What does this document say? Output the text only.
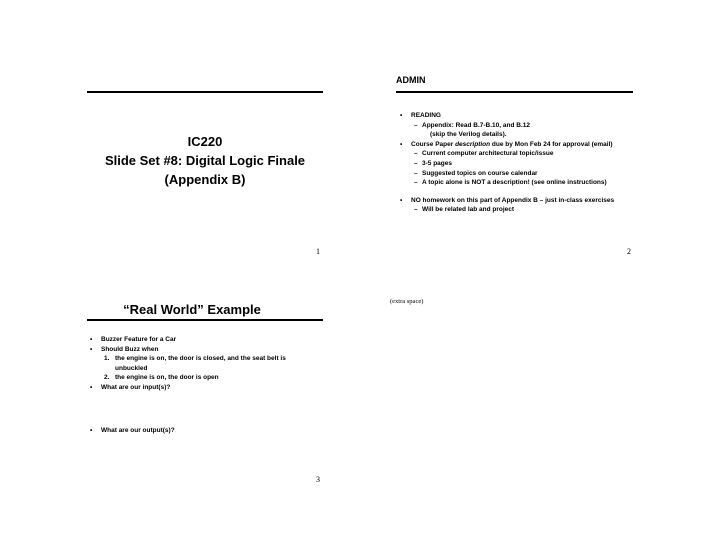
IC220
Slide Set #8: Digital Logic Finale
(Appendix B)
1
ADMIN
• READING
– Appendix: Read B.7-B.10, and B.12
(skip the Verilog details).
• Course Paper description due by Mon Feb 24 for approval (email)
– Current computer architectural topic/issue
– 3-5 pages
– Suggested topics on course calendar
– A topic alone is NOT a description! (see online instructions)
• NO homework on this part of Appendix B – just in-class exercises
– Will be related lab and project
2
“Real World” Example
• Buzzer Feature for a Car
• Should Buzz when
1. the engine is on, the door is closed, and the seat belt is
unbuckled
2. the engine is on, the door is open
• What are our input(s)?
• What are our output(s)?
3
(extra space)
